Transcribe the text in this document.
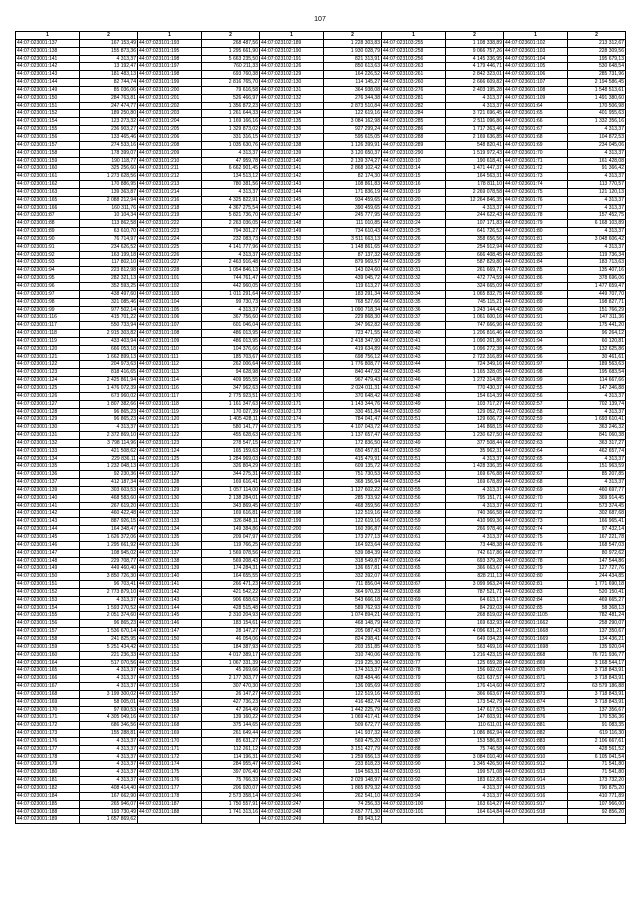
107
1	2	1	2	1	2	1	2	1	2
44:07:023001:137	167 153,49	44:07:023101:193	268 487,56	44:07:023102:189	1 228 303,83	44:07:023103:255	1 108 338,89	44:07:023601:102	213 312,67
44:07:023001:138	155 873,36	44:07:023101:195	1 295 661,90	44:07:023102:190	1 930 028,79	44:07:023103:258	9 066 757,26	44:07:023601:103	228 309,56
44:07:023001:141	4 313,37	44:07:023101:198	5 663 235,50	44:07:023102:191	821 313,91	44:07:023103:256	4 145 336,95	44:07:023601:104	195 679,13
44:07:023001:142	13 192,47	44:07:023101:197	760 211,33	44:07:023102:126	850 613,63	44:07:023103:263	4 179 446,71	44:07:023601:105	530 648,54
44:07:023001:143	181 483,13	44:07:023101:198	693 760,38	44:07:023102:129	164 226,52	44:07:023103:261	2 842 323,01	44:07:023601:106	285 731,96
44:07:023001:144	82 744,74	44:07:023101:199	2 816 765,70	44:07:023102:130	114 145,27	44:07:023103:260	2 666 609,82	44:07:023601:107	2 194 586,45
44:07:023001:149	85 036,06	44:07:023101:200	79 616,58	44:07:023102:131	364 938,08	44:07:023103:276	2 403 195,28	44:07:023601:108	1 548 513,61
44:07:023001:150	284 763,81	44:07:023101:201	526 466,97	44:07:023102:132	276 344,38	44:07:023103:281	4 313,37	44:07:023601:109	1 491 380,60
44:07:023001:151	247 474,77	44:07:023101:202	1 356 872,23	44:07:023102:133	2 873 510,84	44:07:023103:282	4 313,37	44:07:023601:64	170 506,98
44:07:023001:152	189 250,80	44:07:023101:203	1 261 644,33	44:07:023102:134	122 619,16	44:07:023103:284	3 721 696,45	44:07:023601:65	401 955,63
44:07:023001:154	123 273,32	44:07:023101:204	1 169 166,16	44:07:023102:135	3 084 162,98	44:07:023103:285	2 511 096,86	44:07:023601:66	1 332 356,16
44:07:023001:155	236 903,27	44:07:023101:205	1 329 873,02	44:07:023102:136	927 299,24	44:07:023103:286	1 717 363,46	44:07:023601:67	4 313,37
44:07:023001:156	133 465,46	44:07:023101:206	331 316,15	44:07:023102:137	595 615,05	44:07:023103:288	2 169 636,85	44:07:023601:68	104 872,53
44:07:023001:157	274 533,16	44:07:023101:208	1 035 630,76	44:07:023102:138	1 126 399,91	44:07:023103:289	548 820,41	44:07:023601:69	234 045,06
44:07:023001:158	178 399,07	44:07:023101:209	4 313,37	44:07:023102:139	3 120 650,37	44:07:023103:290	1 519 972,43	44:07:023601:70	4 313,37
44:07:023001:159	190 118,77	44:07:023101:210	47 959,78	44:07:023102:140	2 139 374,27	44:07:023103:10	190 618,41	44:07:023601:71	161 428,08
44:07:023001:160	325 256,60	44:07:023101:211	6 662 901,45	44:07:023102:141	2 868 102,42	44:07:023103:14	1 471 447,37	44:07:023601:72	91 366,42
44:07:023001:161	1 273 628,56	44:07:023101:212	134 513,12	44:07:023102:142	82 174,30	44:07:023103:15	164 563,31	44:07:023601:73	4 313,37
44:07:023001:162	170 886,95	44:07:023101:213	780 381,56	44:07:023102:143	108 861,83	44:07:023103:16	178 811,10	44:07:023601:74	113 770,57
44:07:023001:163	139 363,87	44:07:023101:214	4 313,37	44:07:023102:144	171 836,19	44:07:023103:19	2 269 078,58	44:07:023601:75	121 120,13
44:07:023001:165	2 088 212,94	44:07:023101:216	4 325 822,91	44:07:023102:145	934 459,65	44:07:023103:20	12 264 846,35	44:07:023601:76	4 313,37
44:07:023001:166	160 311,76	44:07:023101:218	4 367 275,54	44:07:023102:146	390 459,65	44:07:023103:21	4 313,37	44:07:023601:77	4 313,37
44:07:023001:87	10 104,34	44:07:023101:219	5 821 736,70	44:07:023102:147	245 777,95	44:07:023103:23	244 622,43	44:07:023601:78	157 452,75
44:07:023001:88	113 862,58	44:07:023101:222	2 263 036,05	44:07:023102:148	111 010,85	44:07:023103:24	107 171,83	44:07:023601:79	6 168 103,89
44:07:023001:89	63 610,70	44:07:023101:223	794 301,27	44:07:023102:149	734 610,43	44:07:023103:25	641 726,52	44:07:023601:80	4 313,37
44:07:023001:90	76 714,97	44:07:023101:224	232 083,73	44:07:023102:150	3 511 663,13	44:07:023103:26	358 656,56	44:07:023601:81	3 048 606,42
44:07:023001:91	234 626,52	44:07:023101:225	4 141 777,96	44:07:023102:151	1 148 861,65	44:07:023103:27	254 912,94	44:07:023601:82	4 313,37
44:07:023001:92	163 199,18	44:07:023101:226	4 313,37	44:07:023102:152	87 137,32	44:07:023103:28	666 408,45	44:07:023601:83	119 736,34
44:07:023001:93	117 802,10	44:07:023101:227	2 463 916,48	44:07:023102:153	879 969,57	44:07:023103:29	587 829,80	44:07:023601:84	183 713,63
44:07:023001:94	223 812,98	44:07:023101:228	1 054 846,13	44:07:023102:154	143 024,60	44:07:023103:31	261 669,71	44:07:023601:85	135 407,16
44:07:023001:95	282 321,13	44:07:023101:101	744 761,47	44:07:023102:155	439 045,72	44:07:023103:32	472 774,59	44:07:023601:86	378 696,06
44:07:023001:96	352 593,25	44:07:023101:102	442 960,05	44:07:023102:156	119 613,27	44:07:023103:33	324 665,09	44:07:023601:87	1 477 659,47
44:07:023001:97	438 497,60	44:07:023101:103	1 011 291,64	44:07:023102:157	183 291,34	44:07:023103:34	1 065 832,75	44:07:023601:88	449 707,70
44:07:023001:98	321 085,46	44:07:023101:104	99 730,73	44:07:023102:158	768 527,66	44:07:023103:35	745 115,21	44:07:023601:89	198 827,71
44:07:023001:99	977 502,14	44:07:023101:105	4 313,37	44:07:023102:159	1 090 718,34	44:07:023103:36	1 243 144,42	44:07:023601:90	151 766,29
44:07:023001:116	415 701,22	44:07:023101:106	367 756,60	44:07:023102:160	229 868,30	44:07:023103:37	1 061 600,16	44:07:023601:91	147 311,36
44:07:023001:117	550 733,94	44:07:023101:107	601 046,04	44:07:023102:161	347 962,82	44:07:023103:38	747 666,96	44:07:023601:92	175 441,20
44:07:023001:118	2 915 303,82	44:07:023101:108	486 013,95	44:07:023102:162	723 471,55	44:07:023103:40	1 206 816,46	44:07:023601:93	96 264,12
44:07:023001:119	433 403,94	44:07:023101:109	486 013,95	44:07:023102:163	2 418 347,90	44:07:023103:41	1 090 261,86	44:07:023601:94	60 120,81
44:07:023001:120	666 053,18	44:07:023101:110	104 376,66	44:07:023102:164	419 634,89	44:07:023103:42	1 096 272,38	44:07:023601:95	132 625,86
44:07:023001:121	1 662 899,13	44:07:023101:111	185 703,67	44:07:023102:165	698 756,12	44:07:023103:43	2 722 316,89	44:07:023601:96	30 461,61
44:07:023001:122	204 973,63	44:07:023101:112	262 006,64	44:07:023102:166	1 776 808,77	44:07:023103:44	724 349,16	44:07:023601:97	189 563,63
44:07:023001:123	818 416,65	44:07:023101:113	94 628,98	44:07:023102:167	840 447,92	44:07:023103:45	1 165 328,05	44:07:023601:98	195 683,54
44:07:023001:124	2 425 861,94	44:07:023101:114	409 955,55	44:07:023102:168	967 479,43	44:07:023103:46	1 272 314,85	44:07:023601:99	114 667,66
44:07:023001:125	1 476 072,39	44:07:023101:116	347 962,63	44:07:023102:169	2 024 011,31	44:07:023103:47	770 430,37	44:07:023602:55	147 346,88
44:07:023001:126	673 960,02	44:07:023101:117	2 775 923,51	44:07:023102:170	370 648,42	44:07:023103:48	154 614,39	44:07:023602:56	4 313,37
44:07:023001:127	1 807 382,66	44:07:023101:118	1 161 347,63	44:07:023102:171	1 143 344,76	44:07:023103:49	103 717,27	44:07:023602:57	702 139,74
44:07:023001:128	96 865,23	44:07:023101:119	170 027,39	44:07:023102:173	330 451,84	44:07:023103:50	129 052,73	44:07:023602:58	4 313,37
44:07:023001:129	96 865,23	44:07:023101:120	1 405 428,11	44:07:023102:174	784 041,47	44:07:023103:51	129 606,72	44:07:023602:59	1 693 610,41
44:07:023001:130	4 313,37	44:07:023101:121	580 141,77	44:07:023102:175	4 107 043,72	44:07:023103:52	146 868,15	44:07:023602:60	363 246,32
44:07:023001:131	2 372 869,10	44:07:023101:122	455 628,63	44:07:023102:176	1 137 657,47	44:07:023103:53	1 230 627,50	44:07:023602:62	841 060,38
44:07:023001:132	3 798 114,96	44:07:023101:123	278 547,15	44:07:023102:177	172 836,50	44:07:023103:49	377 508,44	44:07:023602:63	363 317,27
44:07:023001:133	421 508,62	44:07:023101:124	165 159,63	44:07:023102:178	650 457,81	44:07:023103:50	35 962,31	44:07:023602:64	462 657,74
44:07:023001:134	229 836,11	44:07:023101:125	1 284 969,03	44:07:023102:180	415 479,91	44:07:023103:51	4 313,37	44:07:023602:65	4 313,37
44:07:023001:135	1 232 048,13	44:07:023101:126	326 804,29	44:07:023102:181	609 135,72	44:07:023103:52	1 428 336,35	44:07:023602:66	151 963,59
44:07:023001:136	92 230,36	44:07:023101:127	344 275,31	44:07:023102:182	751 730,53	44:07:023103:53	169 676,88	44:07:023602:67	85 207,85
44:07:023001:137	412 187,34	44:07:023101:128	169 616,41	44:07:023102:183	368 156,94	44:07:023103:54	169 678,89	44:07:023602:68	4 313,37
44:07:023001:139	303 603,53	44:07:023101:129	1 057 114,00	44:07:023102:184	1 127 602,22	44:07:023103:55	4 313,37	44:07:023602:69	460 697,77
44:07:023001:140	468 583,60	44:07:023101:130	2 138 284,01	44:07:023102:187	285 733,92	44:07:023103:56	795 151,71	44:07:023602:70	369 914,45
44:07:023001:141	267 619,20	44:07:023101:131	343 869,45	44:07:023102:197	468 359,56	44:07:023103:57	4 313,37	44:07:023602:71	573 374,45
44:07:023001:142	460 422,48	44:07:023101:132	169 616,81	44:07:023102:198	122 519,16	44:07:023103:58	740 366,58	44:07:023602:72	302 687,68
44:07:023001:143	887 926,15	44:07:023101:133	326 848,11	44:07:023102:199	122 619,16	44:07:023103:59	410 969,36	44:07:023602:73	166 965,41
44:07:023001:144	164 348,47	44:07:023101:134	149 384,86	44:07:023102:200	160 396,87	44:07:023103:60	266 978,46	44:07:023602:74	97 432,14
44:07:023001:145	1 626 372,06	44:07:023101:135	209 047,97	44:07:023102:206	173 277,13	44:07:023103:61	4 313,37	44:07:023602:75	167 221,78
44:07:023001:146	1 295 661,92	44:07:023101:136	119 766,25	44:07:023102:210	164 923,64	44:07:023103:62	73 448,38	44:07:023602:76	168 547,03
44:07:023001:147	108 945,02	44:07:023101:137	1 569 078,56	44:07:023102:211	539 084,39	44:07:023103:63	742 617,86	44:07:023602:77	80 972,62
44:07:023001:148	229 708,77	44:07:023101:138	569 208,43	44:07:023102:212	318 549,87	44:07:023103:64	693 379,28	44:07:023602:78	147 544,86
44:07:023001:149	449 460,40	44:07:023101:139	174 284,31	44:07:023102:213	136 657,81	44:07:023103:65	366 663,67	44:07:023602:79	127 727,76
44:07:023001:150	3 850 726,30	44:07:023101:140	164 655,55	44:07:023102:215	332 392,07	44:07:023103:66	828 211,13	44:07:023602:80	244 434,85
44:07:023001:151	96 703,41	44:07:023101:141	266 471,23	44:07:023102:216	711 856,04	44:07:023103:67	3 099 963,24	44:07:023602:81	1 771 690,18
44:07:023001:152	2 773 879,10	44:07:023101:142	421 542,22	44:07:023102:217	364 970,23	44:07:023103:68	787 521,71	44:07:023602:83	520 150,41
44:07:023001:153	4 313,37	44:07:023101:143	906 658,63	44:07:023102:218	543 666,18	44:07:023103:69	64 613,17	44:07:023602:84	469 665,27
44:07:023001:154	1 593 270,52	44:07:023101:144	428 515,48	44:07:023102:219	589 762,93	44:07:023103:70	84 292,03	44:07:023602:85	58 368,13
44:07:023001:155	2 051 374,60	44:07:023101:145	2 310 204,93	44:07:023102:220	1 074 894,21	44:07:023103:71	268 819,02	44:07:023602:1105	782 481,24
44:07:023001:156	96 865,23	44:07:023101:146	183 154,61	44:07:023102:221	468 148,79	44:07:023103:72	169 632,93	44:07:023601:1662	258 290,07
44:07:023001:157	1 536 670,14	44:07:023101:147	28 147,27	44:07:023102:223	205 087,43	44:07:023103:73	4 096 631,21	44:07:023601:1668	137 350,67
44:07:023001:158	241 825,95	44:07:023101:150	46 054,06	44:07:023102:224	824 298,41	44:07:023103:74	649 034,23	44:07:023601:1669	134 436,21
44:07:023001:159	5 251 434,42	44:07:023101:151	184 387,93	44:07:023102:225	203 151,85	44:07:023103:75	563 469,16	44:07:023601:1698	135 920,04
44:07:023001:160	221 236,33	44:07:023101:152	4 017 389,17	44:07:023102:226	310 740,06	44:07:023103:76	1 216 423,15	44:07:023601:868	76 721 936,77
44:07:023001:164	517 070,56	44:07:023101:153	1 067 331,39	44:07:023102:227	219 225,30	44:07:023103:77	125 659,28	44:07:023601:869	3 168 544,17
44:07:023001:165	4 313,37	44:07:023101:154	45 269,66	44:07:023102:228	174 313,37	44:07:023103:78	156 602,02	44:07:023601:870	3 718 843,91
44:07:023001:166	4 313,37	44:07:023101:155	2 177 303,77	44:07:023102:229	628 484,46	44:07:023103:79	621 637,57	44:07:023601:871	3 718 843,91
44:07:023001:167	4 313,37	44:07:023101:156	307 470,30	44:07:023102:230	136 095,69	44:07:023103:80	176 414,60	44:07:023601:872	63 579 186,88
44:07:023001:168	3 199 300,02	44:07:023101:157	26 147,27	44:07:023102:231	122 519,16	44:07:023103:81	366 663,67	44:07:023601:873	3 718 843,91
44:07:023001:169	58 005,01	44:07:023101:158	427 736,23	44:07:023102:232	416 482,74	44:07:023103:82	173 542,79	44:07:023601:874	3 718 843,91
44:07:023001:170	97 690,53	44:07:023101:159	47 264,49	44:07:023102:233	1 442 225,79	44:07:023103:83	147 617,53	44:07:023601:875	137 356,67
44:07:023001:171	4 305 049,16	44:07:023101:167	139 160,22	44:07:023102:234	1 069 417,41	44:07:023103:84	147 603,91	44:07:023601:876	170 536,36
44:07:023001:172	686 346,56	44:07:023101:168	375 144,65	44:07:023102:235	509 672,77	44:07:023103:85	110 611,01	44:07:023601:881	91 083,35
44:07:023001:173	155 288,81	44:07:023101:169	261 649,44	44:07:023102:236	141 937,32	44:07:023103:86	1 086 862,94	44:07:023601:882	619 116,30
44:07:023001:176	4 313,37	44:07:023101:170	85 631,27	44:07:023102:237	569 475,20	44:07:023103:87	153 586,83	44:07:023601:883	2 106 667,61
44:07:023001:177	4 313,37	44:07:023101:171	112 261,12	44:07:023102:238	3 151 427,79	44:07:023103:88	75 746,58	44:07:023601:909	428 561,52
44:07:023001:178	4 313,37	44:07:023101:172	114 196,31	44:07:023102:240	1 259 656,13	44:07:023103:89	3 084 010,40	44:07:023601:910	6 105 041,54
44:07:023001:179	4 313,37	44:07:023101:174	284 955,47	44:07:023102:241	233 818,23	44:07:023103:90	1 345 426,50	44:07:023601:912	71 541,80
44:07:023001:180	4 313,37	44:07:023101:175	397 076,40	44:07:023102:242	194 563,31	44:07:023103:91	199 571,08	44:07:023601:913	71 541,80
44:07:023001:181	4 313,37	44:07:023101:176	75 766,33	44:07:023102:243	2 029 148,97	44:07:023103:92	183 612,83	44:07:023601:914	173 732,20
44:07:023001:182	408 414,40	44:07:023101:177	206 920,07	44:07:023102:245	1 865 879,32	44:07:023103:93	4 313,37	44:07:023601:915	790 875,20
44:07:023001:184	167 662,90	44:07:023101:178	2 573 358,14	44:07:023102:246	262 541,10	44:07:023103:94	4 313,37	44:07:023601:916	410 771,89
44:07:023001:185	265 946,07	44:07:023101:187	1 750 557,91	44:07:023102:247	74 256,33	44:07:023103:100	163 614,27	44:07:023601:917	107 966,00
44:07:023001:188	193 730,49	44:07:023101:188	1 741 313,16	44:07:023102:248	2 657 771,30	44:07:023103:101	164 614,84	44:07:023601:918	92 856,20
44:07:023001:189	1 657 869,62			44:07:023102:249	89 943,12				
